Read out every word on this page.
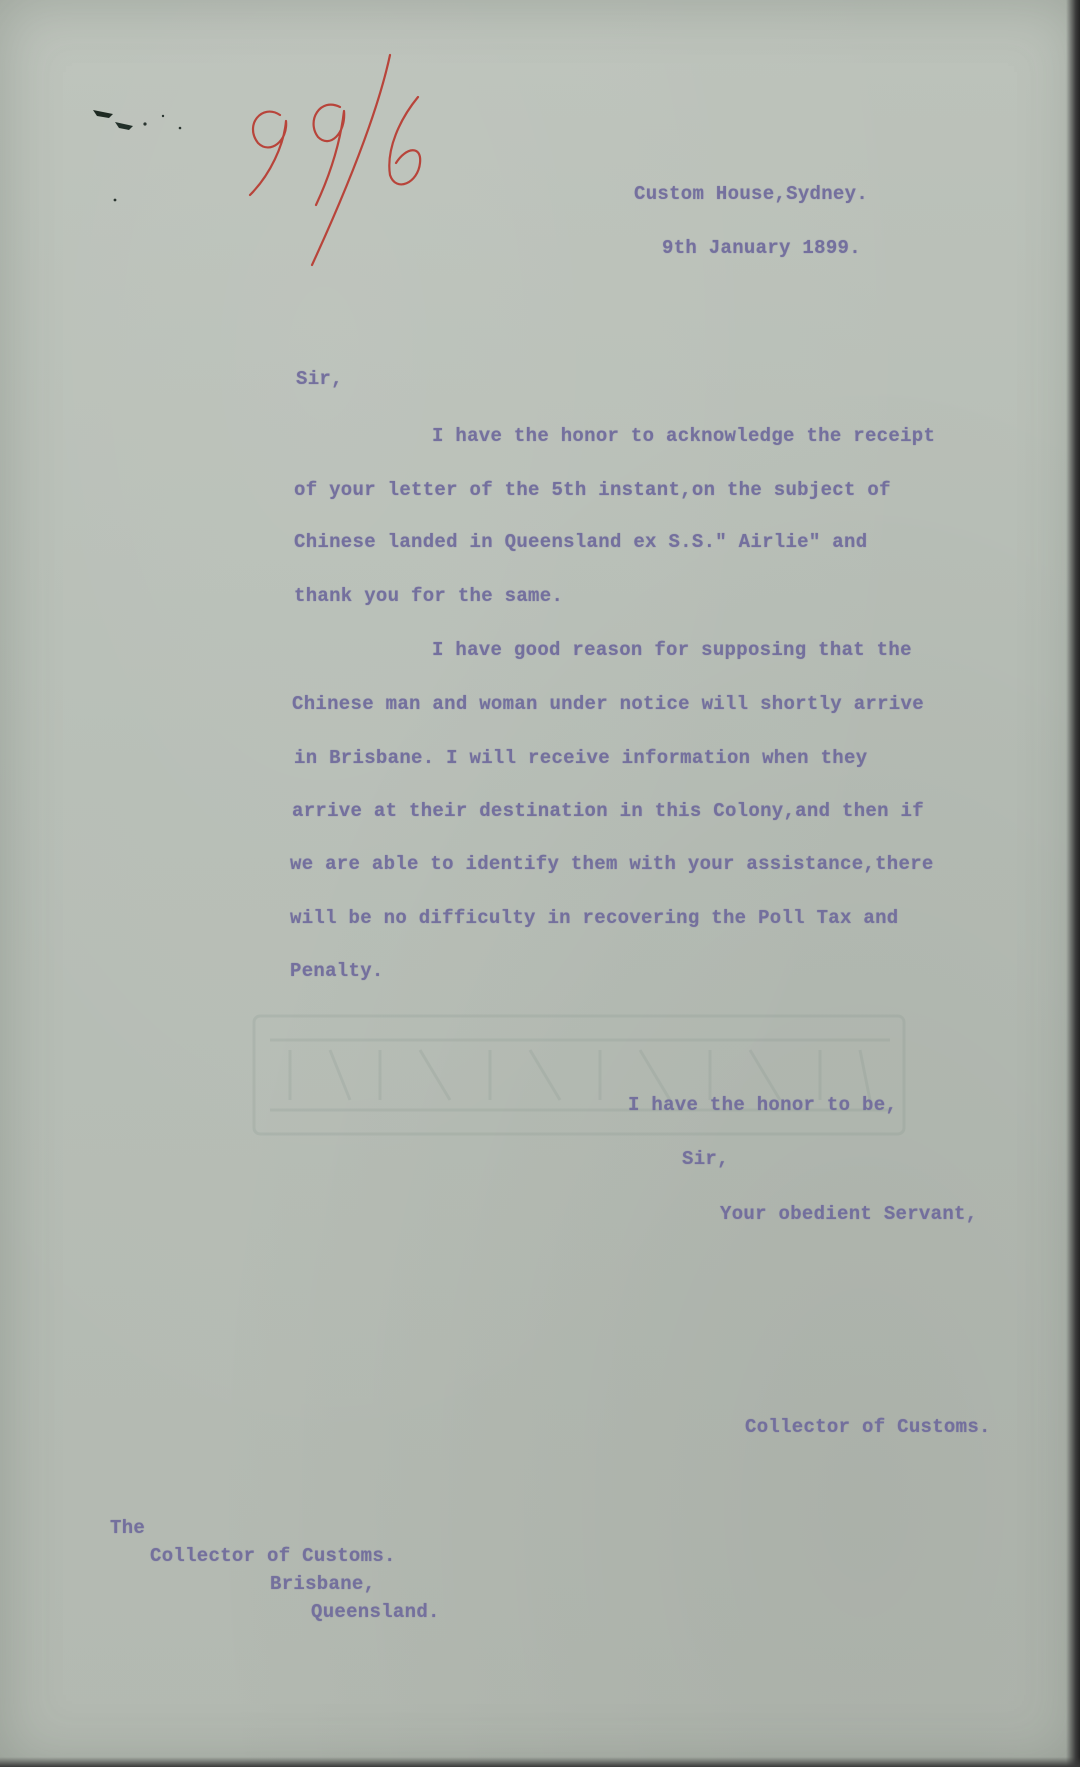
Custom House,Sydney.
9th January 1899.
Sir,
I have the honor to acknowledge the receipt
of your letter of the 5th instant,on the subject of
Chinese landed in Queensland ex S.S." Airlie" and
thank you for the same.
I have good reason for supposing that the
Chinese man and woman under notice will shortly arrive
in Brisbane. I will receive information when they
arrive at their destination in this Colony,and then if
we are able to identify them with your assistance,there
will be no difficulty in recovering the Poll Tax and
Penalty.
I have the honor to be,
Sir,
Your obedient Servant,
Collector of Customs.
The
Collector of Customs.
Brisbane,
Queensland.
